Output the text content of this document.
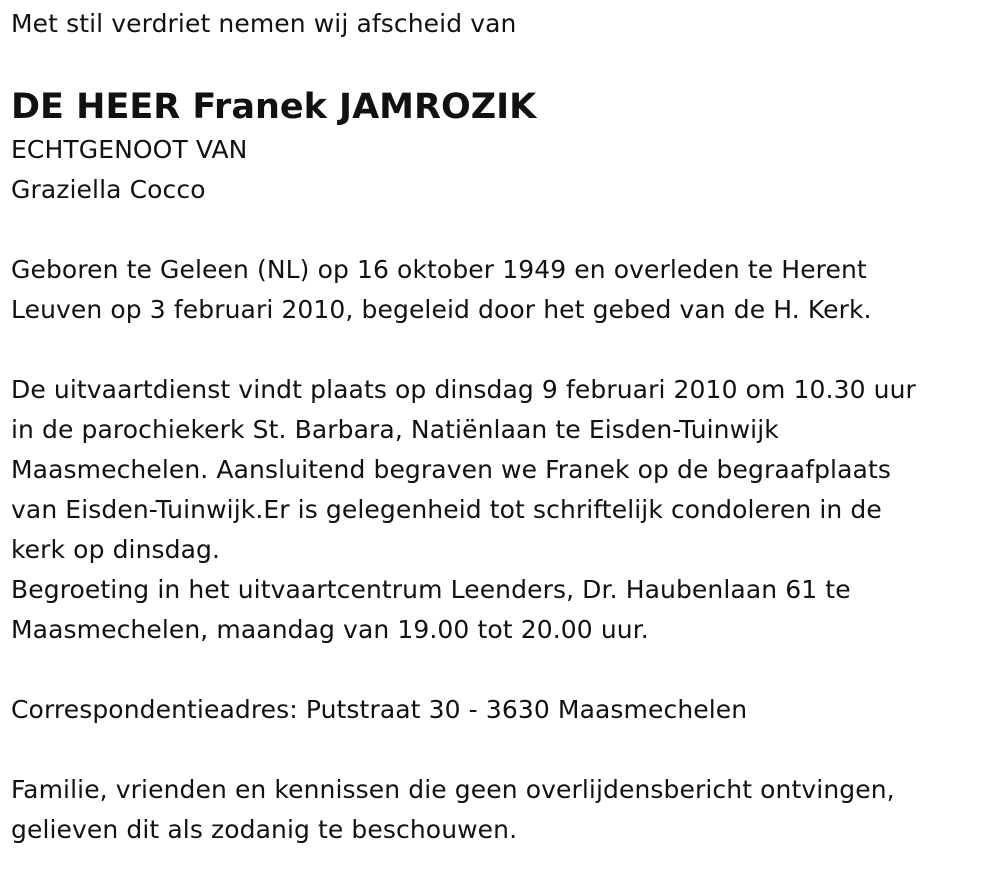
Met stil verdriet nemen wij afscheid van
DE HEER Franek JAMROZIK
ECHTGENOOT VAN
Graziella Cocco
Geboren te Geleen (NL) op 16 oktober 1949 en overleden te Herent
Leuven op 3 februari 2010, begeleid door het gebed van de H. Kerk.
De uitvaartdienst vindt plaats op dinsdag 9 februari 2010 om 10.30 uur
in de parochiekerk St. Barbara, Natiënlaan te Eisden-Tuinwijk
Maasmechelen. Aansluitend begraven we Franek op de begraafplaats
van Eisden-Tuinwijk.Er is gelegenheid tot schriftelijk condoleren in de
kerk op dinsdag.
Begroeting in het uitvaartcentrum Leenders, Dr. Haubenlaan 61 te
Maasmechelen, maandag van 19.00 tot 20.00 uur.
Correspondentieadres: Putstraat 30 - 3630 Maasmechelen
Familie, vrienden en kennissen die geen overlijdensbericht ontvingen,
gelieven dit als zodanig te beschouwen.
